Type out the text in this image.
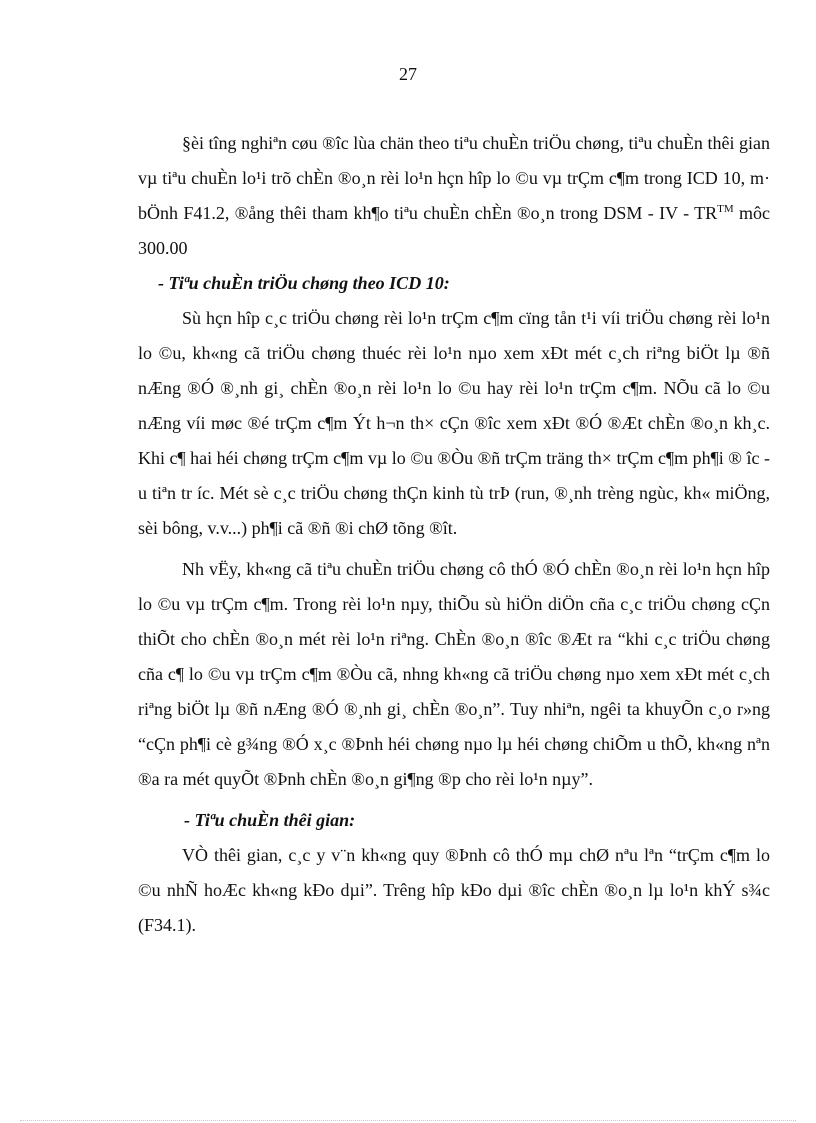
27

§èi tîng nghiªn cøu ®îc lùa chän theo tiªu chuÈn triÖu chøng, tiªu chuÈn thêi gian vµ tiªu chuÈn lo¹i trõ chÈn ®o¸n rèi lo¹n hçn hîp lo ©u vµ trÇm c¶m trong ICD 10, m· bÖnh F41.2, ®ång thêi tham kh¶o tiªu chuÈn chÈn ®o¸n trong DSM - IV - TR™ môc 300.00

- Tiªu chuÈn triÖu chøng theo ICD 10:

Sù hçn hîp c¸c triÖu chøng rèi lo¹n trÇm c¶m cïng tån t¹i víi triÖu chøng rèi lo¹n lo ©u, kh«ng cã triÖu chøng thuéc rèi lo¹n nµo xem xÐt mét c¸ch riªng biÖt lµ ®ñ nÆng ®Ó ®¸nh gi¸ chÈn ®o¸n rèi lo¹n lo ©u hay rèi lo¹n trÇm c¶m. NÕu cã lo ©u nÆng víi møc ®é trÇm c¶m Ýt h¬n th× cÇn ®îc xem xÐt ®Ó ®Æt chÈn ®o¸n kh¸c. Khi c¶ hai héi chøng trÇm c¶m vµ lo ©u ®Òu ®ñ trÇm träng th× trÇm c¶m ph¶i ® îc u tiªn tr íc. Mét sè c¸c triÖu chøng thÇn kinh tù trÞ (run, ®¸nh trèng ngùc, kh« miÖng, sèi bông, v.v...) ph¶i cã ®ñ ®i chØ tõng ®ît.

Nh vËy, kh«ng cã tiªu chuÈn triÖu chøng cô thÓ ®Ó chÈn ®o¸n rèi lo¹n hçn hîp lo ©u vµ trÇm c¶m. Trong rèi lo¹n nµy, thiÕu sù hiÖn diÖn cña c¸c triÖu chøng cÇn thiÕt cho chÈn ®o¸n mét rèi lo¹n riªng. ChÈn ®o¸n ®îc ®Æt ra “khi c¸c triÖu chøng cña c¶ lo ©u vµ trÇm c¶m ®Òu cã, nhng kh«ng cã triÖu chøng nµo xem xÐt mét c¸ch riªng biÖt lµ ®ñ nÆng ®Ó ®¸nh gi¸ chÈn ®o¸n”. Tuy nhiªn, ngêi ta khuyÕn c¸o r»ng “cÇn ph¶i cè g¾ng ®Ó x¸c ®Þnh héi chøng nµo lµ héi chøng chiÕm u thÕ, kh«ng nªn ®a ra mét quyÕt ®Þnh chÈn ®o¸n gi¶ng ®p cho rèi lo¹n nµy”.

- Tiªu chuÈn thêi gian:

VÒ thêi gian, c¸c y v¨n kh«ng quy ®Þnh cô thÓ mµ chØ nªu lªn “trÇm c¶m lo ©u nhÑ hoÆc kh«ng kÐo dµi”. Trêng hîp kÐo dµi ®îc chÈn ®o¸n lµ lo¹n khÝ s¾c (F34.1).
